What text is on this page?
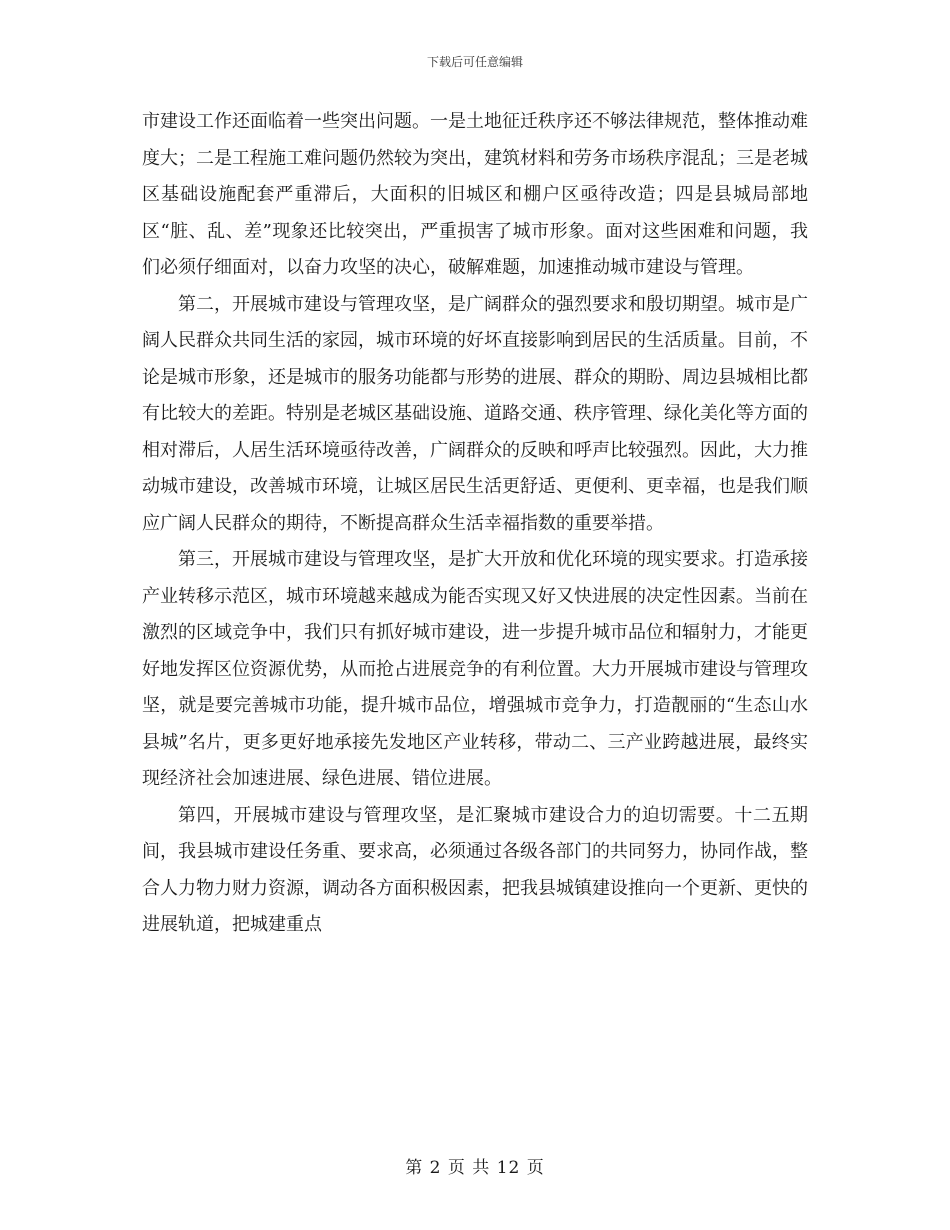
下载后可任意编辑

市建设工作还面临着一些突出问题。一是土地征迁秩序还不够法律规范，整体推动难度大；二是工程施工难问题仍然较为突出，建筑材料和劳务市场秩序混乱；三是老城区基础设施配套严重滞后，大面积的旧城区和棚户区亟待改造；四是县城局部地区“脏、乱、差”现象还比较突出，严重损害了城市形象。面对这些困难和问题，我们必须仔细面对，以奋力攻坚的决心，破解难题，加速推动城市建设与管理。

第二，开展城市建设与管理攻坚，是广阔群众的强烈要求和殷切期望。城市是广阔人民群众共同生活的家园，城市环境的好坏直接影响到居民的生活质量。目前，不论是城市形象，还是城市的服务功能都与形势的进展、群众的期盼、周边县城相比都有比较大的差距。特别是老城区基础设施、道路交通、秩序管理、绿化美化等方面的相对滞后，人居生活环境亟待改善，广阔群众的反映和呼声比较强烈。因此，大力推动城市建设，改善城市环境，让城区居民生活更舒适、更便利、更幸福，也是我们顺应广阔人民群众的期待，不断提高群众生活幸福指数的重要举措。

第三，开展城市建设与管理攻坚，是扩大开放和优化环境的现实要求。打造承接产业转移示范区，城市环境越来越成为能否实现又好又快进展的决定性因素。当前在激烈的区域竞争中，我们只有抓好城市建设，进一步提升城市品位和辐射力，才能更好地发挥区位资源优势，从而抢占进展竞争的有利位置。大力开展城市建设与管理攻坚，就是要完善城市功能，提升城市品位，增强城市竞争力，打造靓丽的“生态山水县城”名片，更多更好地承接先发地区产业转移，带动二、三产业跨越进展，最终实现经济社会加速进展、绿色进展、错位进展。

第四，开展城市建设与管理攻坚，是汇聚城市建设合力的迫切需要。十二五期间，我县城市建设任务重、要求高，必须通过各级各部门的共同努力，协同作战，整合人力物力财力资源，调动各方面积极因素，把我县城镇建设推向一个更新、更快的进展轨道，把城建重点

第 2 页 共 12 页
